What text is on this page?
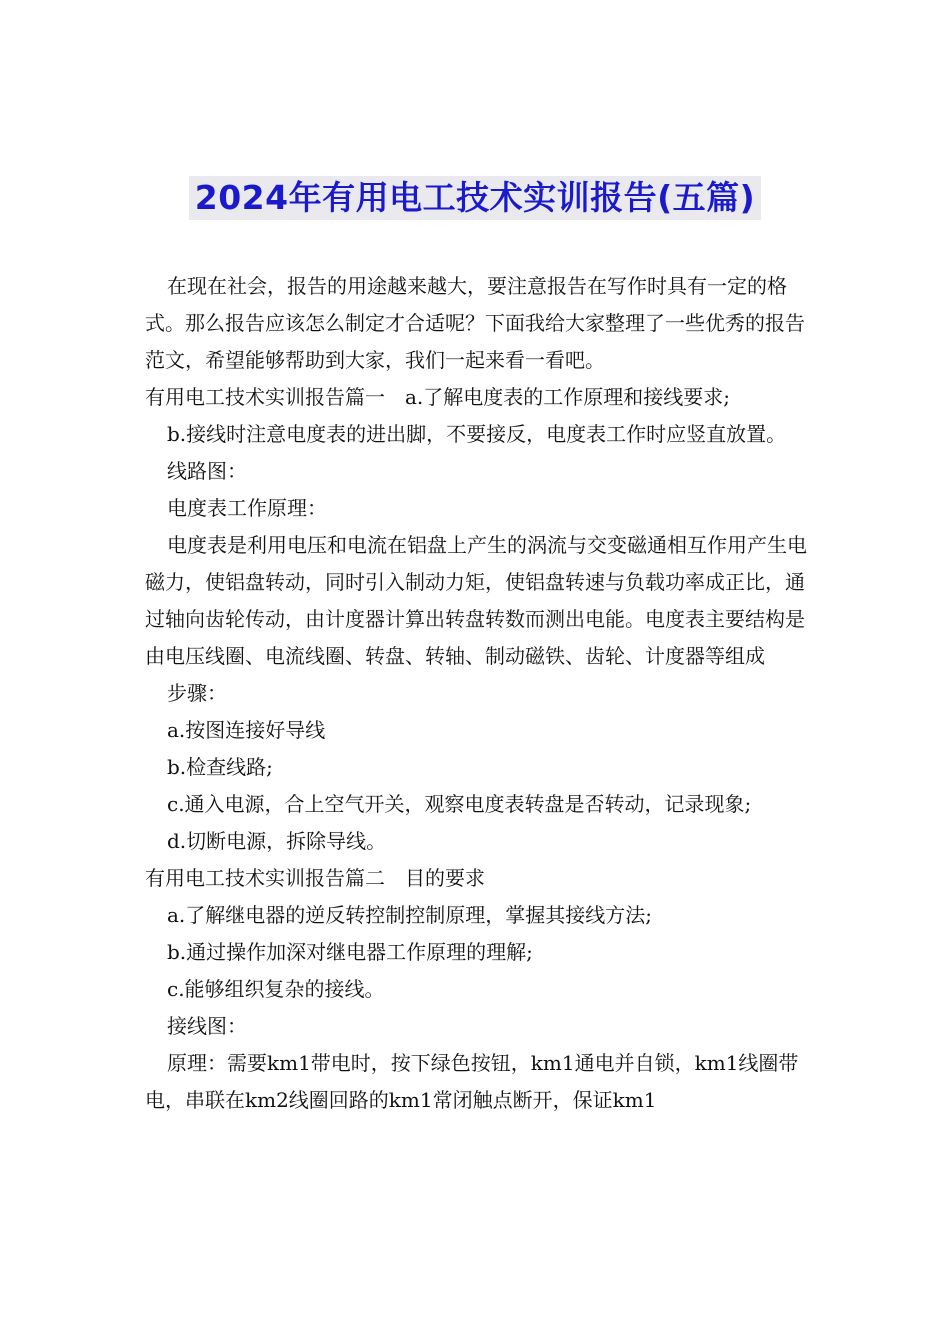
2024年有用电工技术实训报告(五篇)

在现在社会，报告的用途越来越大，要注意报告在写作时具有一定的格式。那么报告应该怎么制定才合适呢？下面我给大家整理了一些优秀的报告范文，希望能够帮助到大家，我们一起来看一看吧。

有用电工技术实训报告篇一　a.了解电度表的工作原理和接线要求;

b.接线时注意电度表的进出脚，不要接反，电度表工作时应竖直放置。

线路图：

电度表工作原理：

电度表是利用电压和电流在铝盘上产生的涡流与交变磁通相互作用产生电磁力，使铝盘转动，同时引入制动力矩，使铝盘转速与负载功率成正比，通过轴向齿轮传动，由计度器计算出转盘转数而测出电能。电度表主要结构是由电压线圈、电流线圈、转盘、转轴、制动磁铁、齿轮、计度器等组成

步骤：

a.按图连接好导线

b.检查线路;

c.通入电源，合上空气开关，观察电度表转盘是否转动，记录现象;

d.切断电源，拆除导线。

有用电工技术实训报告篇二　目的要求

a.了解继电器的逆反转控制控制原理，掌握其接线方法;

b.通过操作加深对继电器工作原理的理解;

c.能够组织复杂的接线。

接线图：

原理：需要km1带电时，按下绿色按钮，km1通电并自锁，km1线圈带 电，串联在km2线圈回路的km1常闭触点断开，保证km1
